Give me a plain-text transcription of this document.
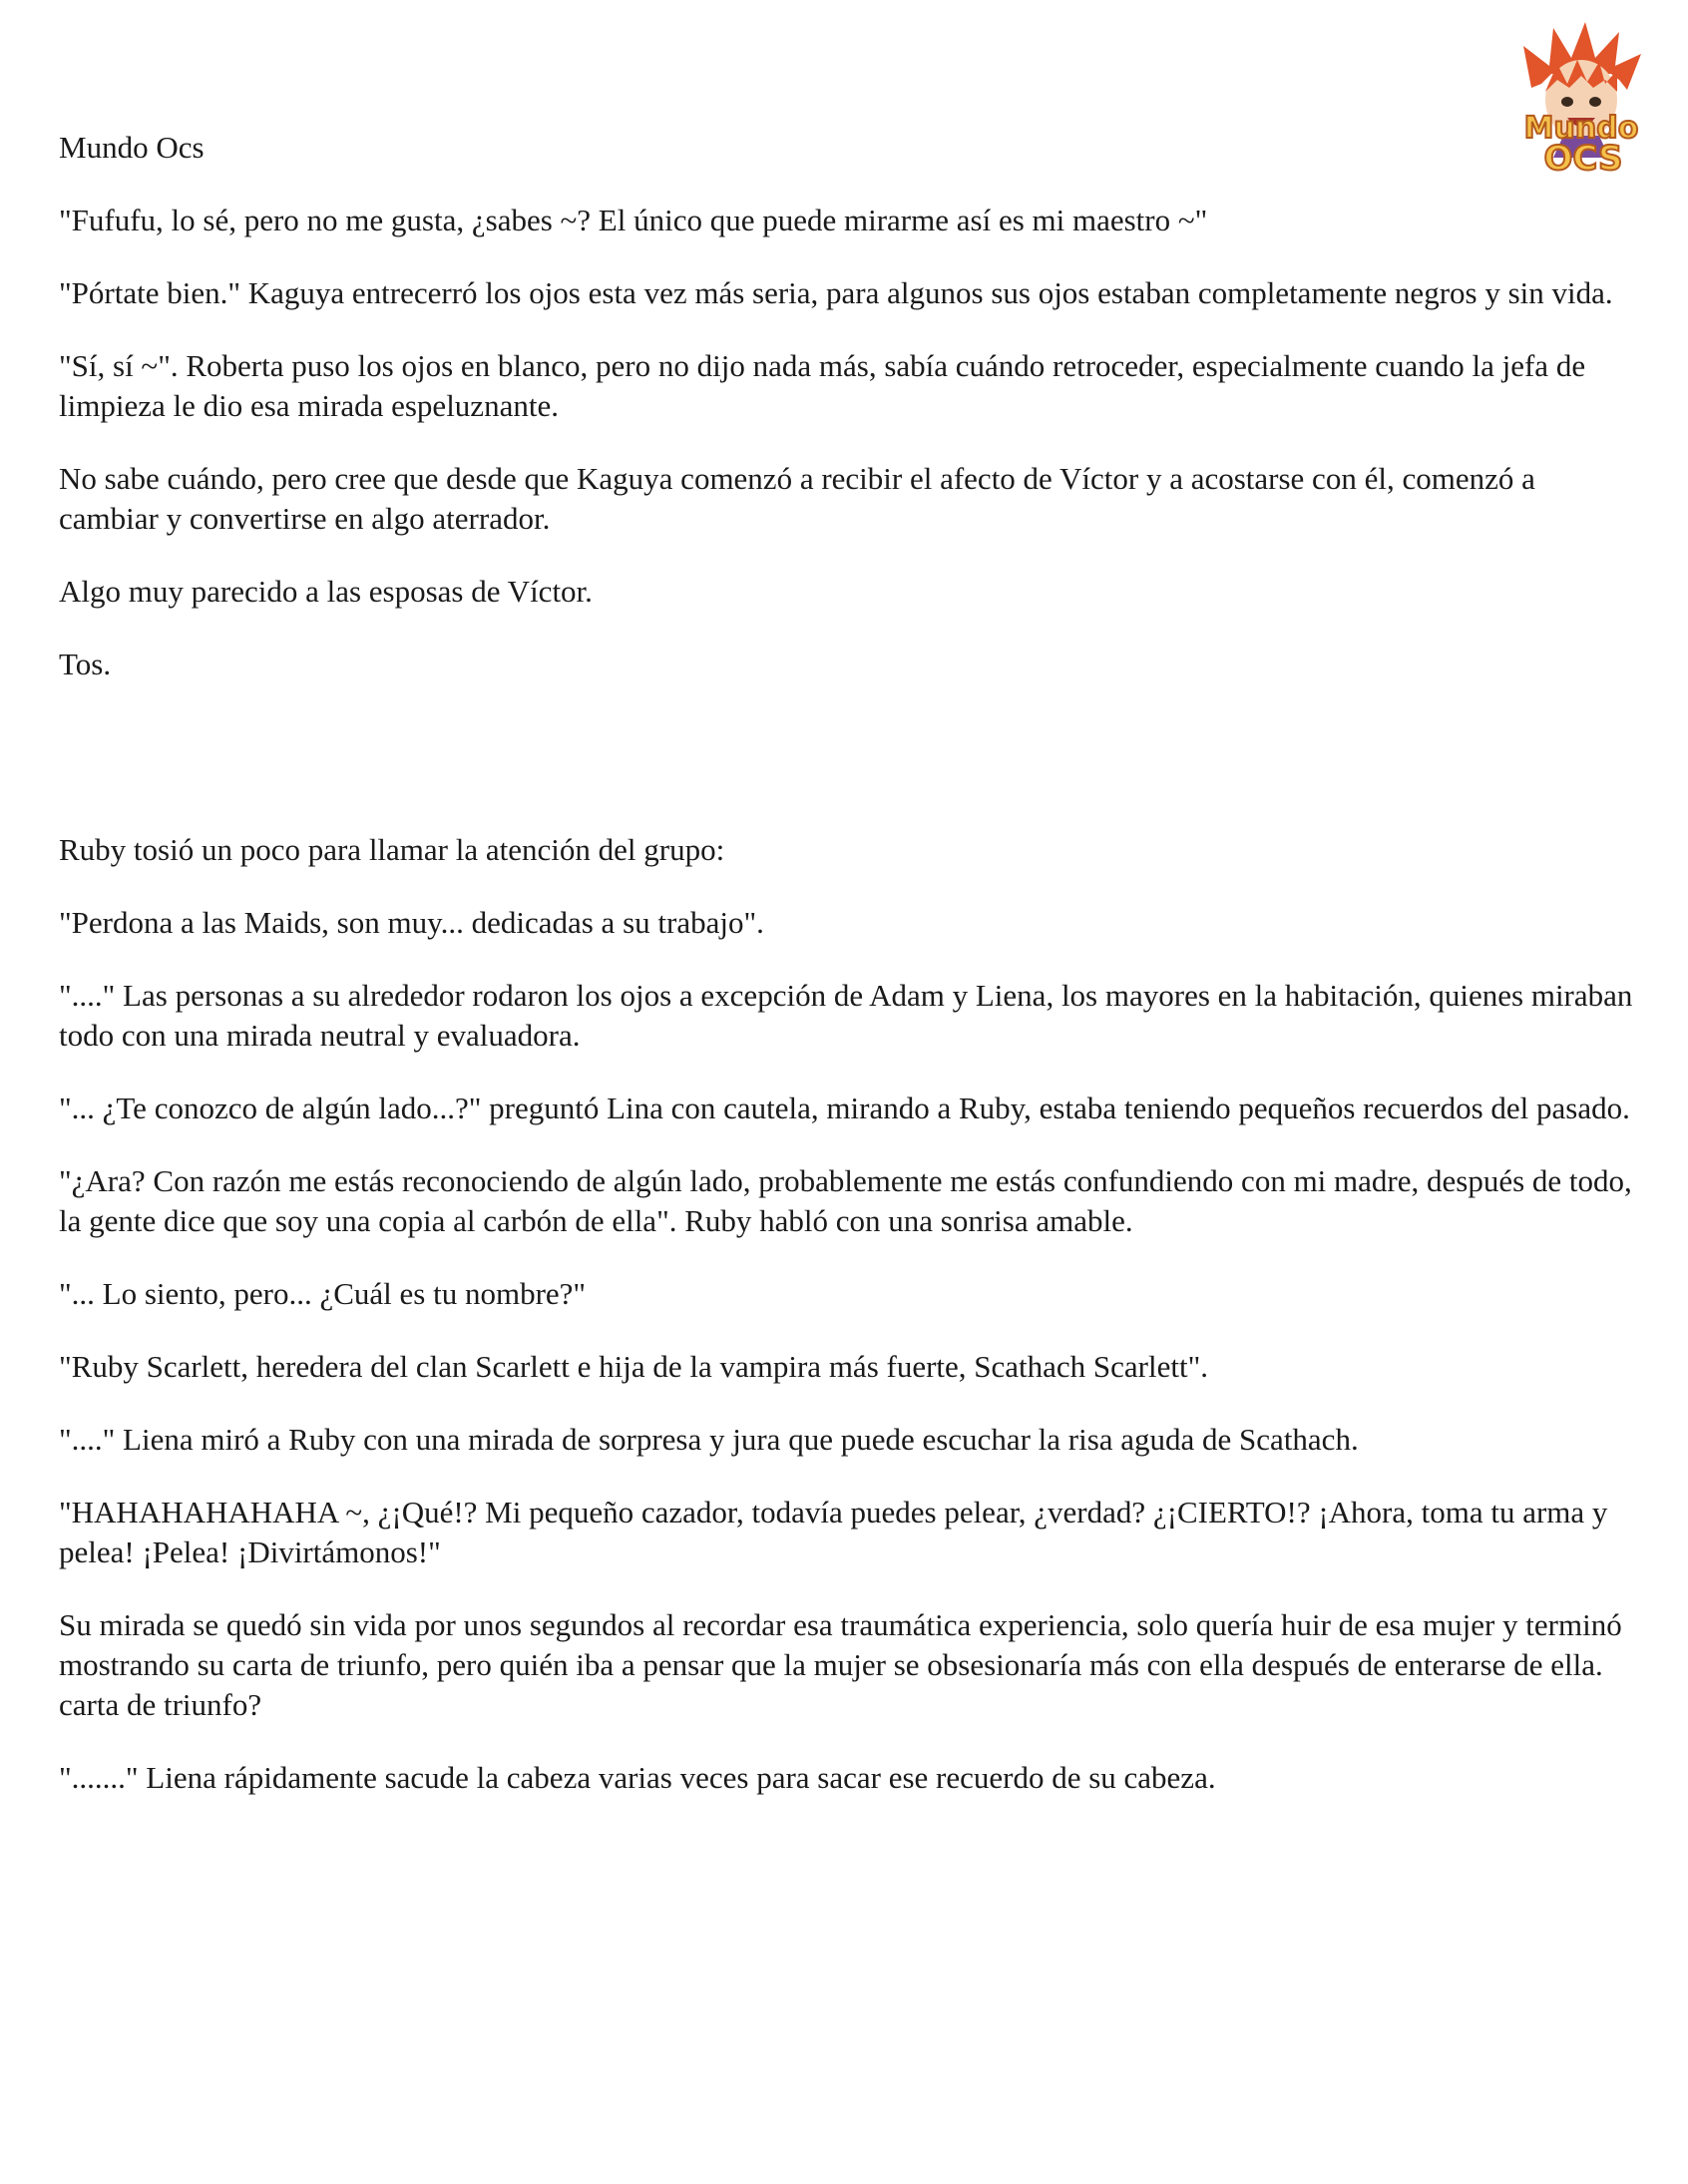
Mundo
OCS

Mundo Ocs

"Fufufu, lo sé, pero no me gusta, ¿sabes ~? El único que puede mirarme así es mi maestro ~"

"Pórtate bien." Kaguya entrecerró los ojos esta vez más seria, para algunos sus ojos estaban completamente negros y sin vida.

"Sí, sí ~". Roberta puso los ojos en blanco, pero no dijo nada más, sabía cuándo retroceder, especialmente cuando la jefa de limpieza le dio esa mirada espeluznante.

No sabe cuándo, pero cree que desde que Kaguya comenzó a recibir el afecto de Víctor y a acostarse con él, comenzó a cambiar y convertirse en algo aterrador.

Algo muy parecido a las esposas de Víctor.

Tos.

Ruby tosió un poco para llamar la atención del grupo:

"Perdona a las Maids, son muy... dedicadas a su trabajo".

"...." Las personas a su alrededor rodaron los ojos a excepción de Adam y Liena, los mayores en la habitación, quienes miraban todo con una mirada neutral y evaluadora.

"... ¿Te conozco de algún lado...?" preguntó Lina con cautela, mirando a Ruby, estaba teniendo pequeños recuerdos del pasado.

"¿Ara? Con razón me estás reconociendo de algún lado, probablemente me estás confundiendo con mi madre, después de todo, la gente dice que soy una copia al carbón de ella". Ruby habló con una sonrisa amable.

"... Lo siento, pero... ¿Cuál es tu nombre?"

"Ruby Scarlett, heredera del clan Scarlett e hija de la vampira más fuerte, Scathach Scarlett".

"...." Liena miró a Ruby con una mirada de sorpresa y jura que puede escuchar la risa aguda de Scathach.

"HAHAHAHAHAHA ~, ¿¡Qué!? Mi pequeño cazador, todavía puedes pelear, ¿verdad? ¿¡CIERTO!? ¡Ahora, toma tu arma y pelea! ¡Pelea! ¡Divirtámonos!"

Su mirada se quedó sin vida por unos segundos al recordar esa traumática experiencia, solo quería huir de esa mujer y terminó mostrando su carta de triunfo, pero quién iba a pensar que la mujer se obsesionaría más con ella después de enterarse de ella. carta de triunfo?

"......." Liena rápidamente sacude la cabeza varias veces para sacar ese recuerdo de su cabeza.
